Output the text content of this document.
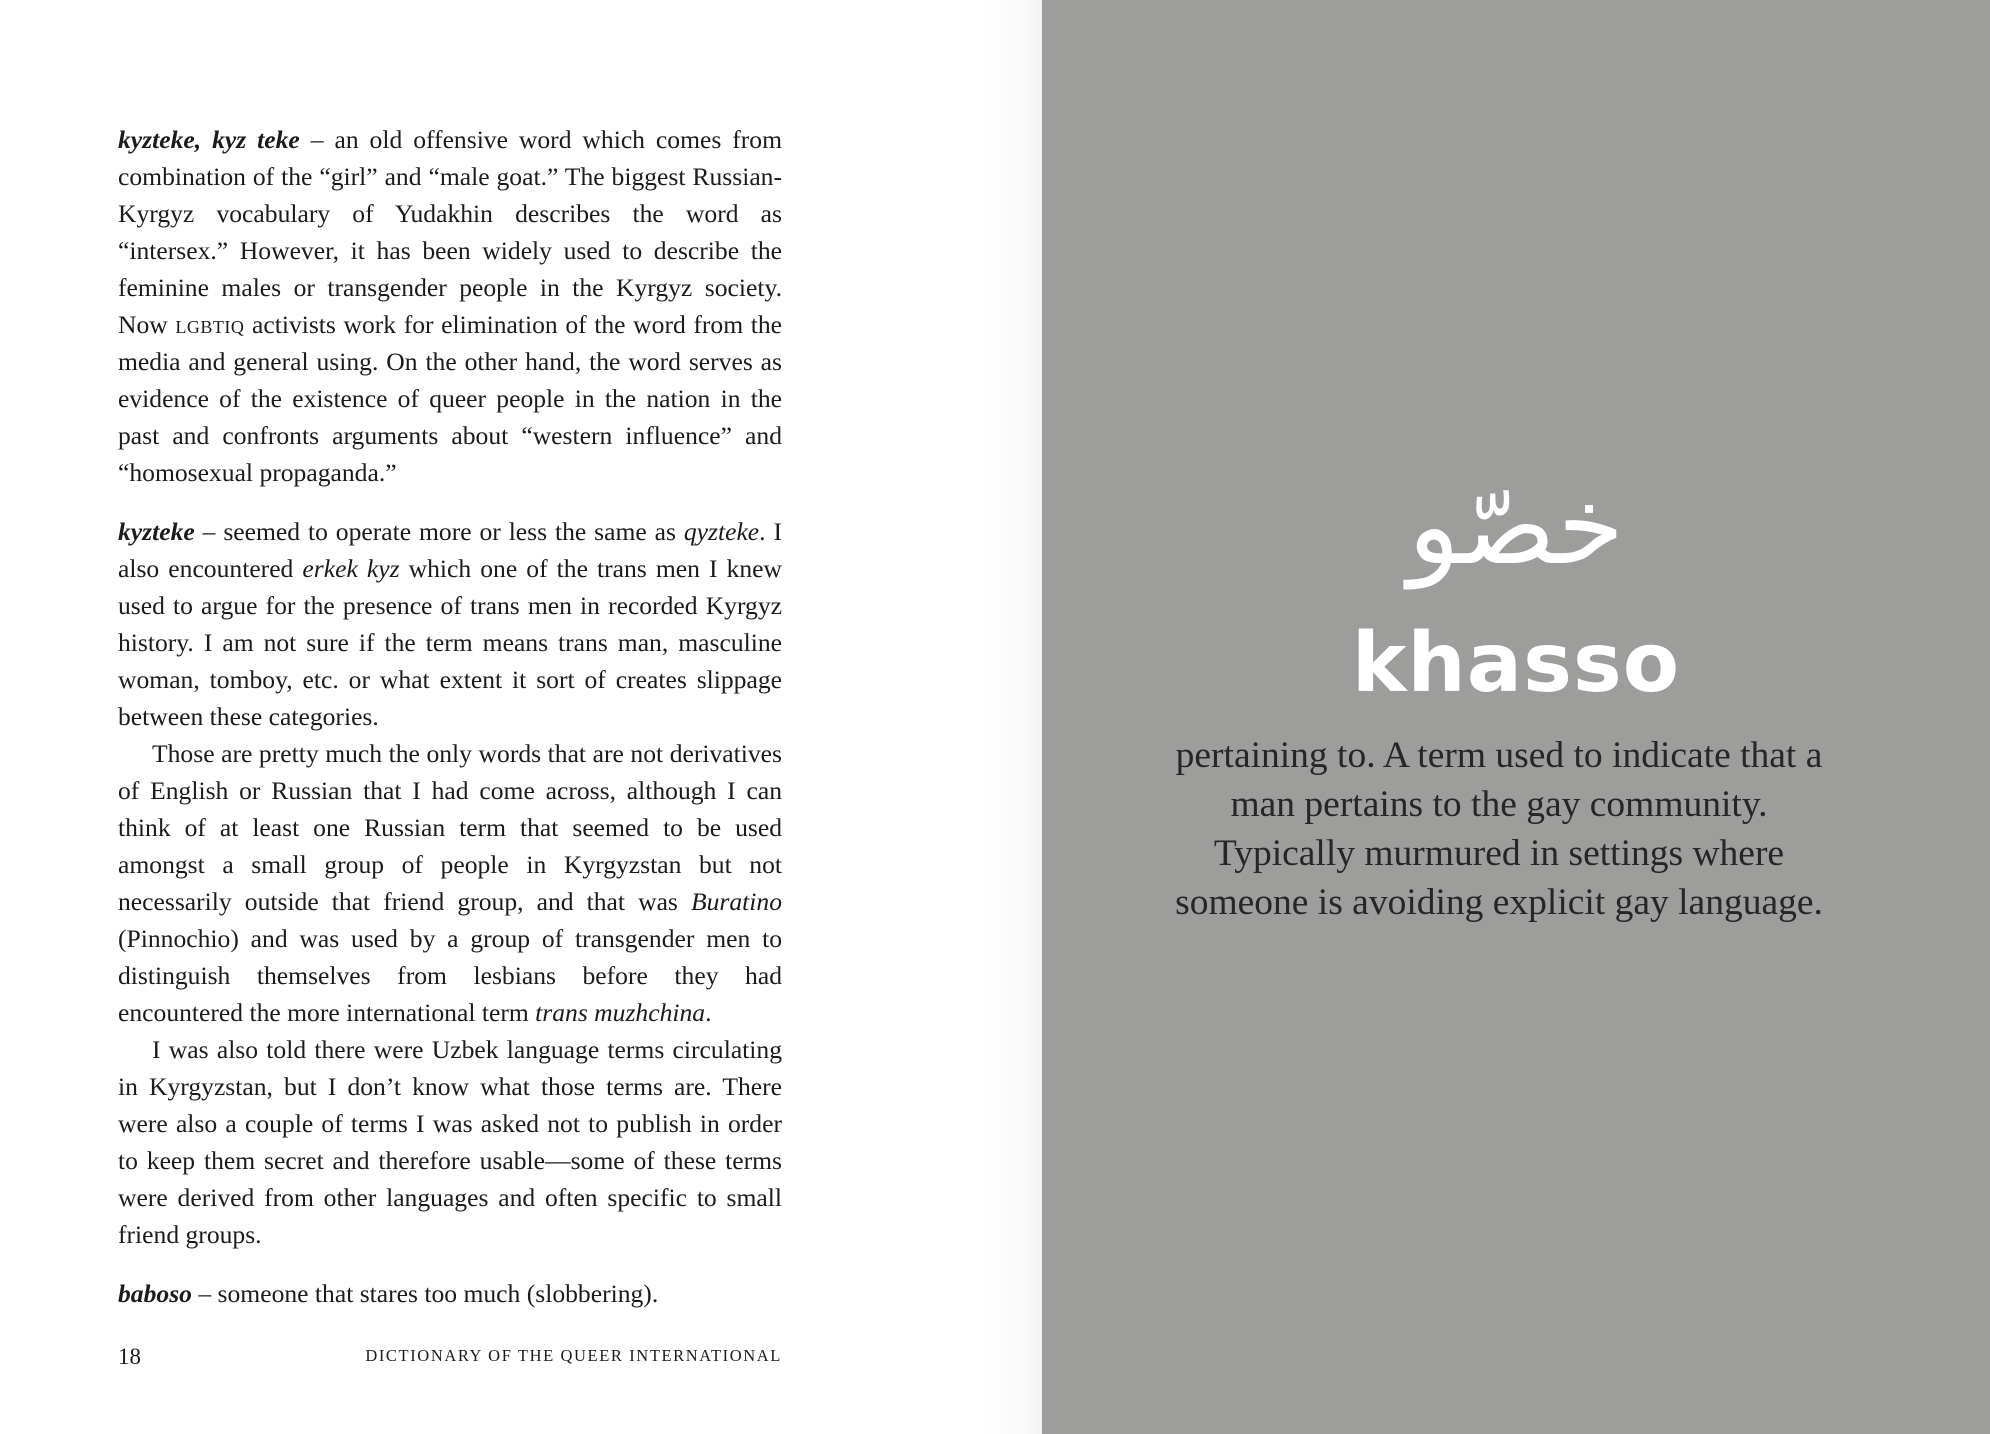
kyzteke, kyz teke – an old offensive word which comes from combination of the “girl” and “male goat.” The biggest Russian-Kyrgyz vocabulary of Yudakhin describes the word as “intersex.” However, it has been widely used to describe the feminine males or transgender people in the Kyrgyz society. Now lgbtiq activists work for elimination of the word from the media and general using. On the other hand, the word serves as evidence of the existence of queer people in the nation in the past and confronts arguments about “western influence” and “homosexual propaganda.”

kyzteke – seemed to operate more or less the same as qyzteke. I also encountered erkek kyz which one of the trans men I knew used to argue for the presence of trans men in recorded Kyrgyz history. I am not sure if the term means trans man, masculine woman, tomboy, etc. or what extent it sort of creates slippage between these categories.

Those are pretty much the only words that are not derivatives of English or Russian that I had come across, although I can think of at least one Russian term that seemed to be used amongst a small group of people in Kyrgyzstan but not necessarily outside that friend group, and that was Buratino (Pinnochio) and was used by a group of transgender men to distinguish themselves from lesbians before they had encountered the more international term trans muzhchina.

I was also told there were Uzbek language terms circulating in Kyrgyzstan, but I don’t know what those terms are. There were also a couple of terms I was asked not to publish in order to keep them secret and therefore usable—some of these terms were derived from other languages and often specific to small friend groups.

baboso – someone that stares too much (slobbering).

18	DICTIONARY OF THE QUEER INTERNATIONAL
خصّو
khasso
pertaining to. A term used to indicate that a man pertains to the gay community. Typically murmured in settings where someone is avoiding explicit gay language.
